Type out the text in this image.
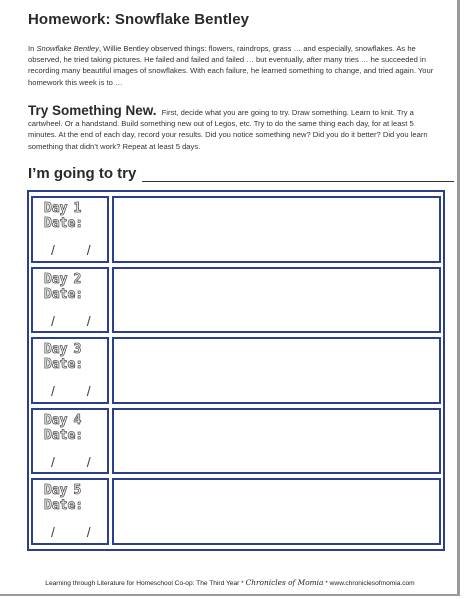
Homework: Snowflake Bentley
In Snowflake Bentley, Willie Bentley observed things: flowers, raindrops, grass … and especially, snowflakes. As he observed, he tried taking pictures. He failed and failed and failed … but eventually, after many tries … he succeeded in recording many beautiful images of snowflakes. With each failure, he learned something to change, and tried again. Your homework this week is to …
Try Something New. First, decide what you are going to try. Draw something. Learn to knit. Try a cartwheel. Or a handstand. Build something new out of Legos, etc. Try to do the same thing each day, for at least 5 minutes. At the end of each day, record your results. Did you notice something new? Did you do it better? Did you learn something that didn’t work? Repeat at least 5 days.
I’m going to try
Day 1
Date:
/ /
Day 2
Date:
/ /
Day 3
Date:
/ /
Day 4
Date:
/ /
Day 5
Date:
/ /
Learning through Literature for Homeschool Co-op: The Third Year * Chronicles of Momia * www.chroniclesofmomia.com
